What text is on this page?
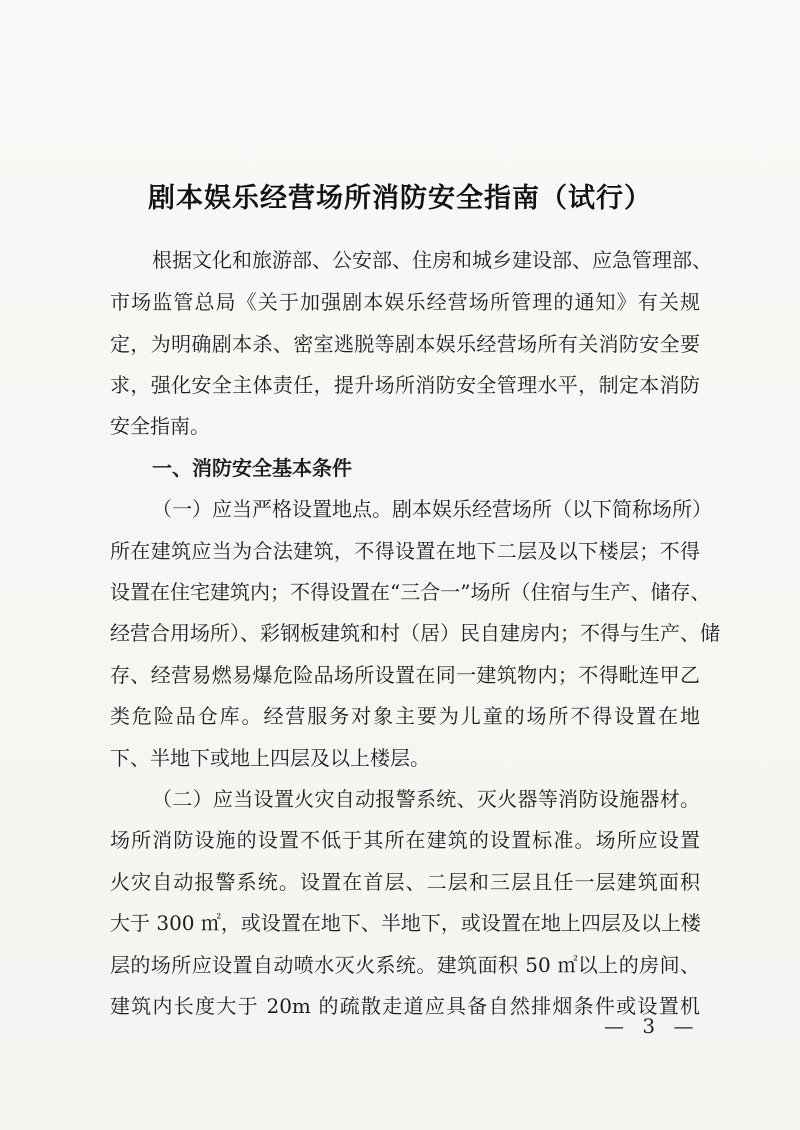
剧本娱乐经营场所消防安全指南（试行）
根据文化和旅游部、公安部、住房和城乡建设部、应急管理部、
市场监管总局《关于加强剧本娱乐经营场所管理的通知》有关规
定，为明确剧本杀、密室逃脱等剧本娱乐经营场所有关消防安全要
求，强化安全主体责任，提升场所消防安全管理水平，制定本消防
安全指南。
一、消防安全基本条件
（一）应当严格设置地点。剧本娱乐经营场所（以下简称场所）
所在建筑应当为合法建筑，不得设置在地下二层及以下楼层；不得
设置在住宅建筑内；不得设置在“三合一”场所（住宿与生产、储存、
经营合用场所）、彩钢板建筑和村（居）民自建房内；不得与生产、储
存、经营易燃易爆危险品场所设置在同一建筑物内；不得毗连甲乙
类危险品仓库。经营服务对象主要为儿童的场所不得设置在地
下、半地下或地上四层及以上楼层。
（二）应当设置火灾自动报警系统、灭火器等消防设施器材。
场所消防设施的设置不低于其所在建筑的设置标准。场所应设置
火灾自动报警系统。设置在首层、二层和三层且任一层建筑面积
大于 300 ㎡，或设置在地下、半地下，或设置在地上四层及以上楼
层的场所应设置自动喷水灭火系统。建筑面积 50 ㎡以上的房间、
建筑内长度大于 20m 的疏散走道应具备自然排烟条件或设置机
— 3 —
